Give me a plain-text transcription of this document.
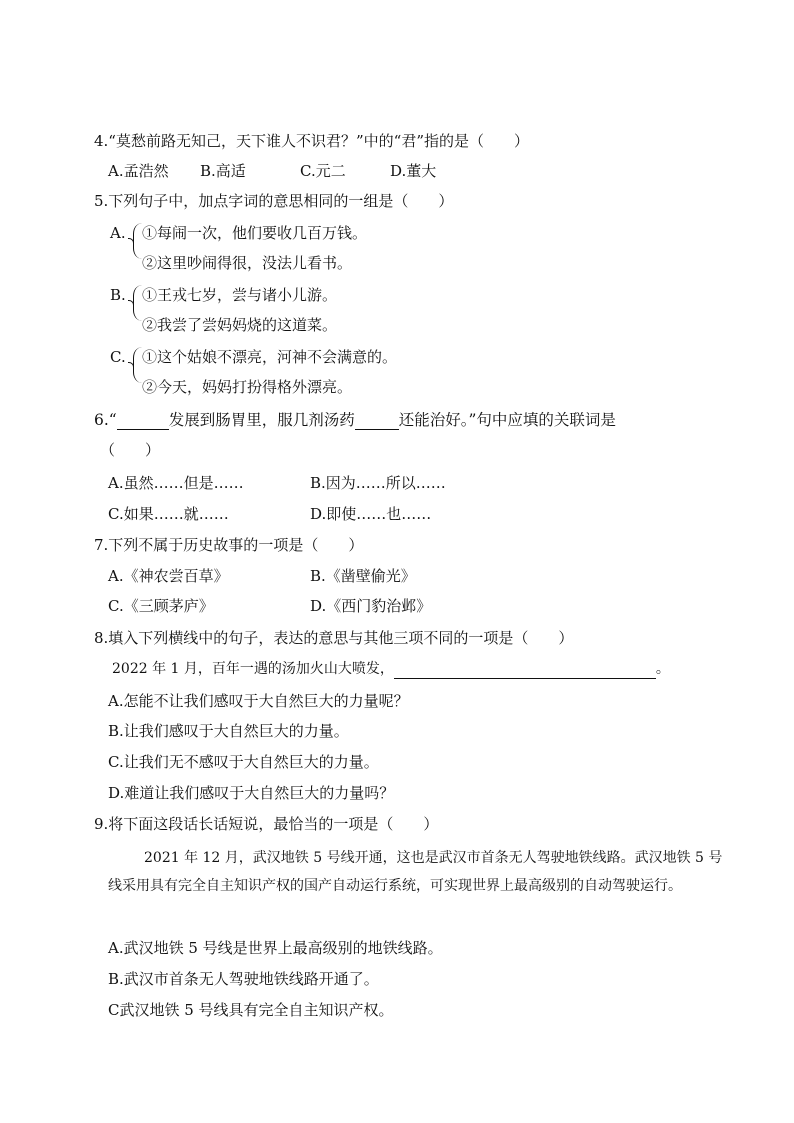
4.“莫愁前路无知己，天下谁人不识君？”中的“君”指的是（　　）
A.孟浩然 B.高适	C.元二	D.董大
5.下列句子中，加点字词的意思相同的一组是（　　）
A. ①每闹一次，他们要收几百万钱。
②这里吵闹得很，没法儿看书。
B. ①王戎七岁，尝与诸小儿游。
②我尝了尝妈妈烧的这道菜。
C. ①这个姑娘不漂亮，河神不会满意的。
②今天，妈妈打扮得格外漂亮。
6.“	发展到肠胃里，服几剂汤药	还能治好。”句中应填的关联词是
（　　）
A.虽然……但是……	B.因为……所以……
C.如果……就……	D.即使……也……
7.下列不属于历史故事的一项是（　　）
A.《神农尝百草》	B.《凿壁偷光》
C.《三顾茅庐》	D.《西门豹治邺》
8.填入下列横线中的句子，表达的意思与其他三项不同的一项是（　　）
2022 年 1 月，百年一遇的汤加火山大喷发，	。
A.怎能不让我们感叹于大自然巨大的力量呢？
B.让我们感叹于大自然巨大的力量。
C.让我们无不感叹于大自然巨大的力量。
D.难道让我们感叹于大自然巨大的力量吗？
9.将下面这段话长话短说，最恰当的一项是（　　）
2021 年 12 月，武汉地铁 5 号线开通，这也是武汉市首条无人驾驶地铁线路。武汉地铁 5 号线采用具有完全自主知识产权的国产自动运行系统，可实现世界上最高级别的自动驾驶运行。
A.武汉地铁 5 号线是世界上最高级别的地铁线路。
B.武汉市首条无人驾驶地铁线路开通了。
C武汉地铁 5 号线具有完全自主知识产权。
